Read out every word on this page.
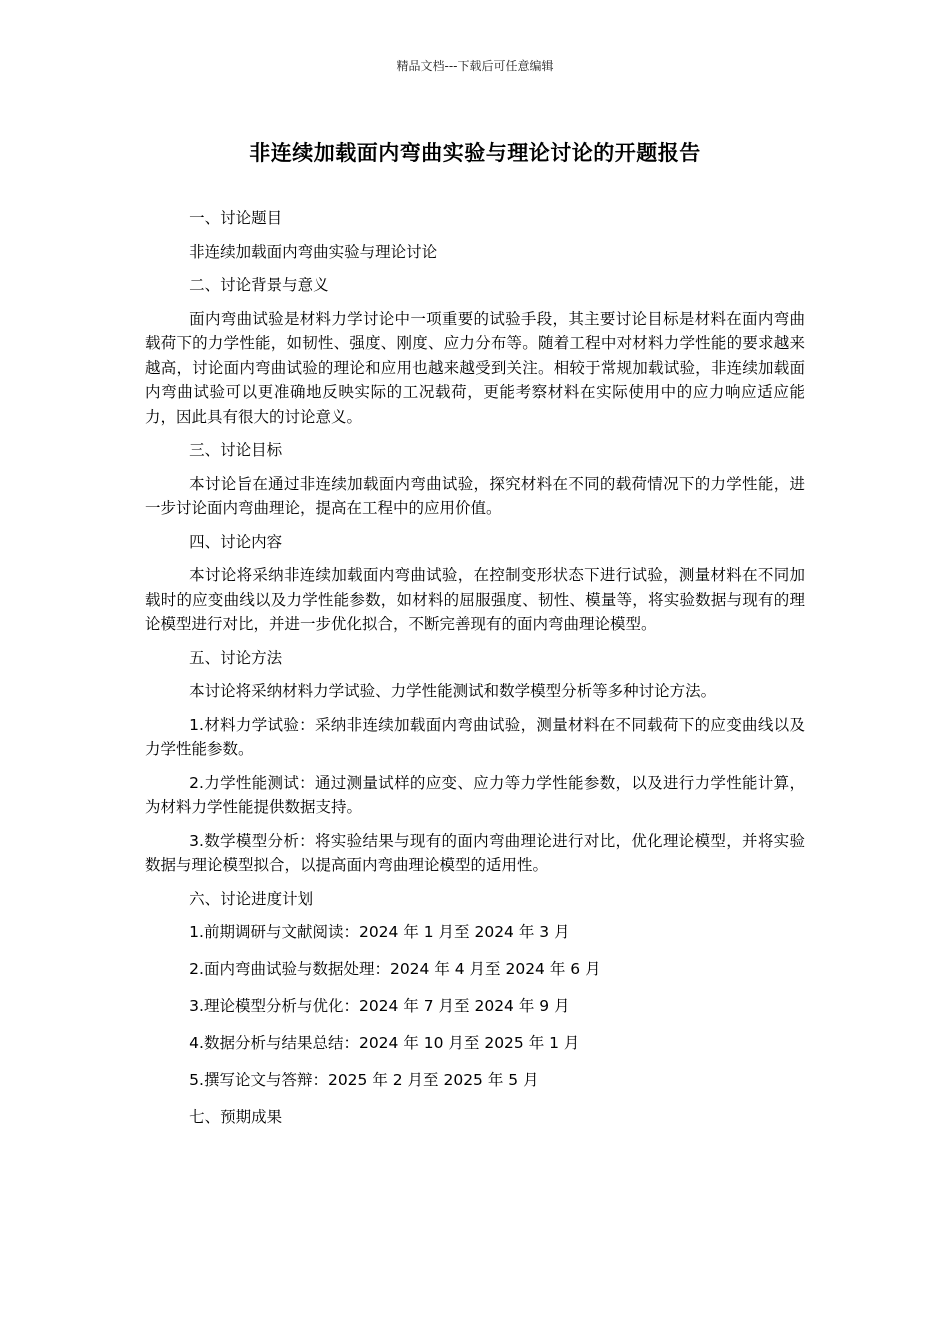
精品文档---下载后可任意编辑
非连续加载面内弯曲实验与理论讨论的开题报告

一、讨论题目

非连续加载面内弯曲实验与理论讨论

二、讨论背景与意义

面内弯曲试验是材料力学讨论中一项重要的试验手段，其主要讨论目标是材料在面内弯曲载荷下的力学性能，如韧性、强度、刚度、应力分布等。随着工程中对材料力学性能的要求越来越高，讨论面内弯曲试验的理论和应用也越来越受到关注。相较于常规加载试验，非连续加载面内弯曲试验可以更准确地反映实际的工况载荷，更能考察材料在实际使用中的应力响应适应能力，因此具有很大的讨论意义。

三、讨论目标

本讨论旨在通过非连续加载面内弯曲试验，探究材料在不同的载荷情况下的力学性能，进一步讨论面内弯曲理论，提高在工程中的应用价值。

四、讨论内容

本讨论将采纳非连续加载面内弯曲试验，在控制变形状态下进行试验，测量材料在不同加载时的应变曲线以及力学性能参数，如材料的屈服强度、韧性、模量等，将实验数据与现有的理论模型进行对比，并进一步优化拟合，不断完善现有的面内弯曲理论模型。

五、讨论方法

本讨论将采纳材料力学试验、力学性能测试和数学模型分析等多种讨论方法。

1.材料力学试验：采纳非连续加载面内弯曲试验，测量材料在不同载荷下的应变曲线以及力学性能参数。

2.力学性能测试：通过测量试样的应变、应力等力学性能参数，以及进行力学性能计算，为材料力学性能提供数据支持。

3.数学模型分析：将实验结果与现有的面内弯曲理论进行对比，优化理论模型，并将实验数据与理论模型拟合，以提高面内弯曲理论模型的适用性。

六、讨论进度计划

1.前期调研与文献阅读：2024 年 1 月至 2024 年 3 月

2.面内弯曲试验与数据处理：2024 年 4 月至 2024 年 6 月

3.理论模型分析与优化：2024 年 7 月至 2024 年 9 月

4.数据分析与结果总结：2024 年 10 月至 2025 年 1 月

5.撰写论文与答辩：2025 年 2 月至 2025 年 5 月

七、预期成果
